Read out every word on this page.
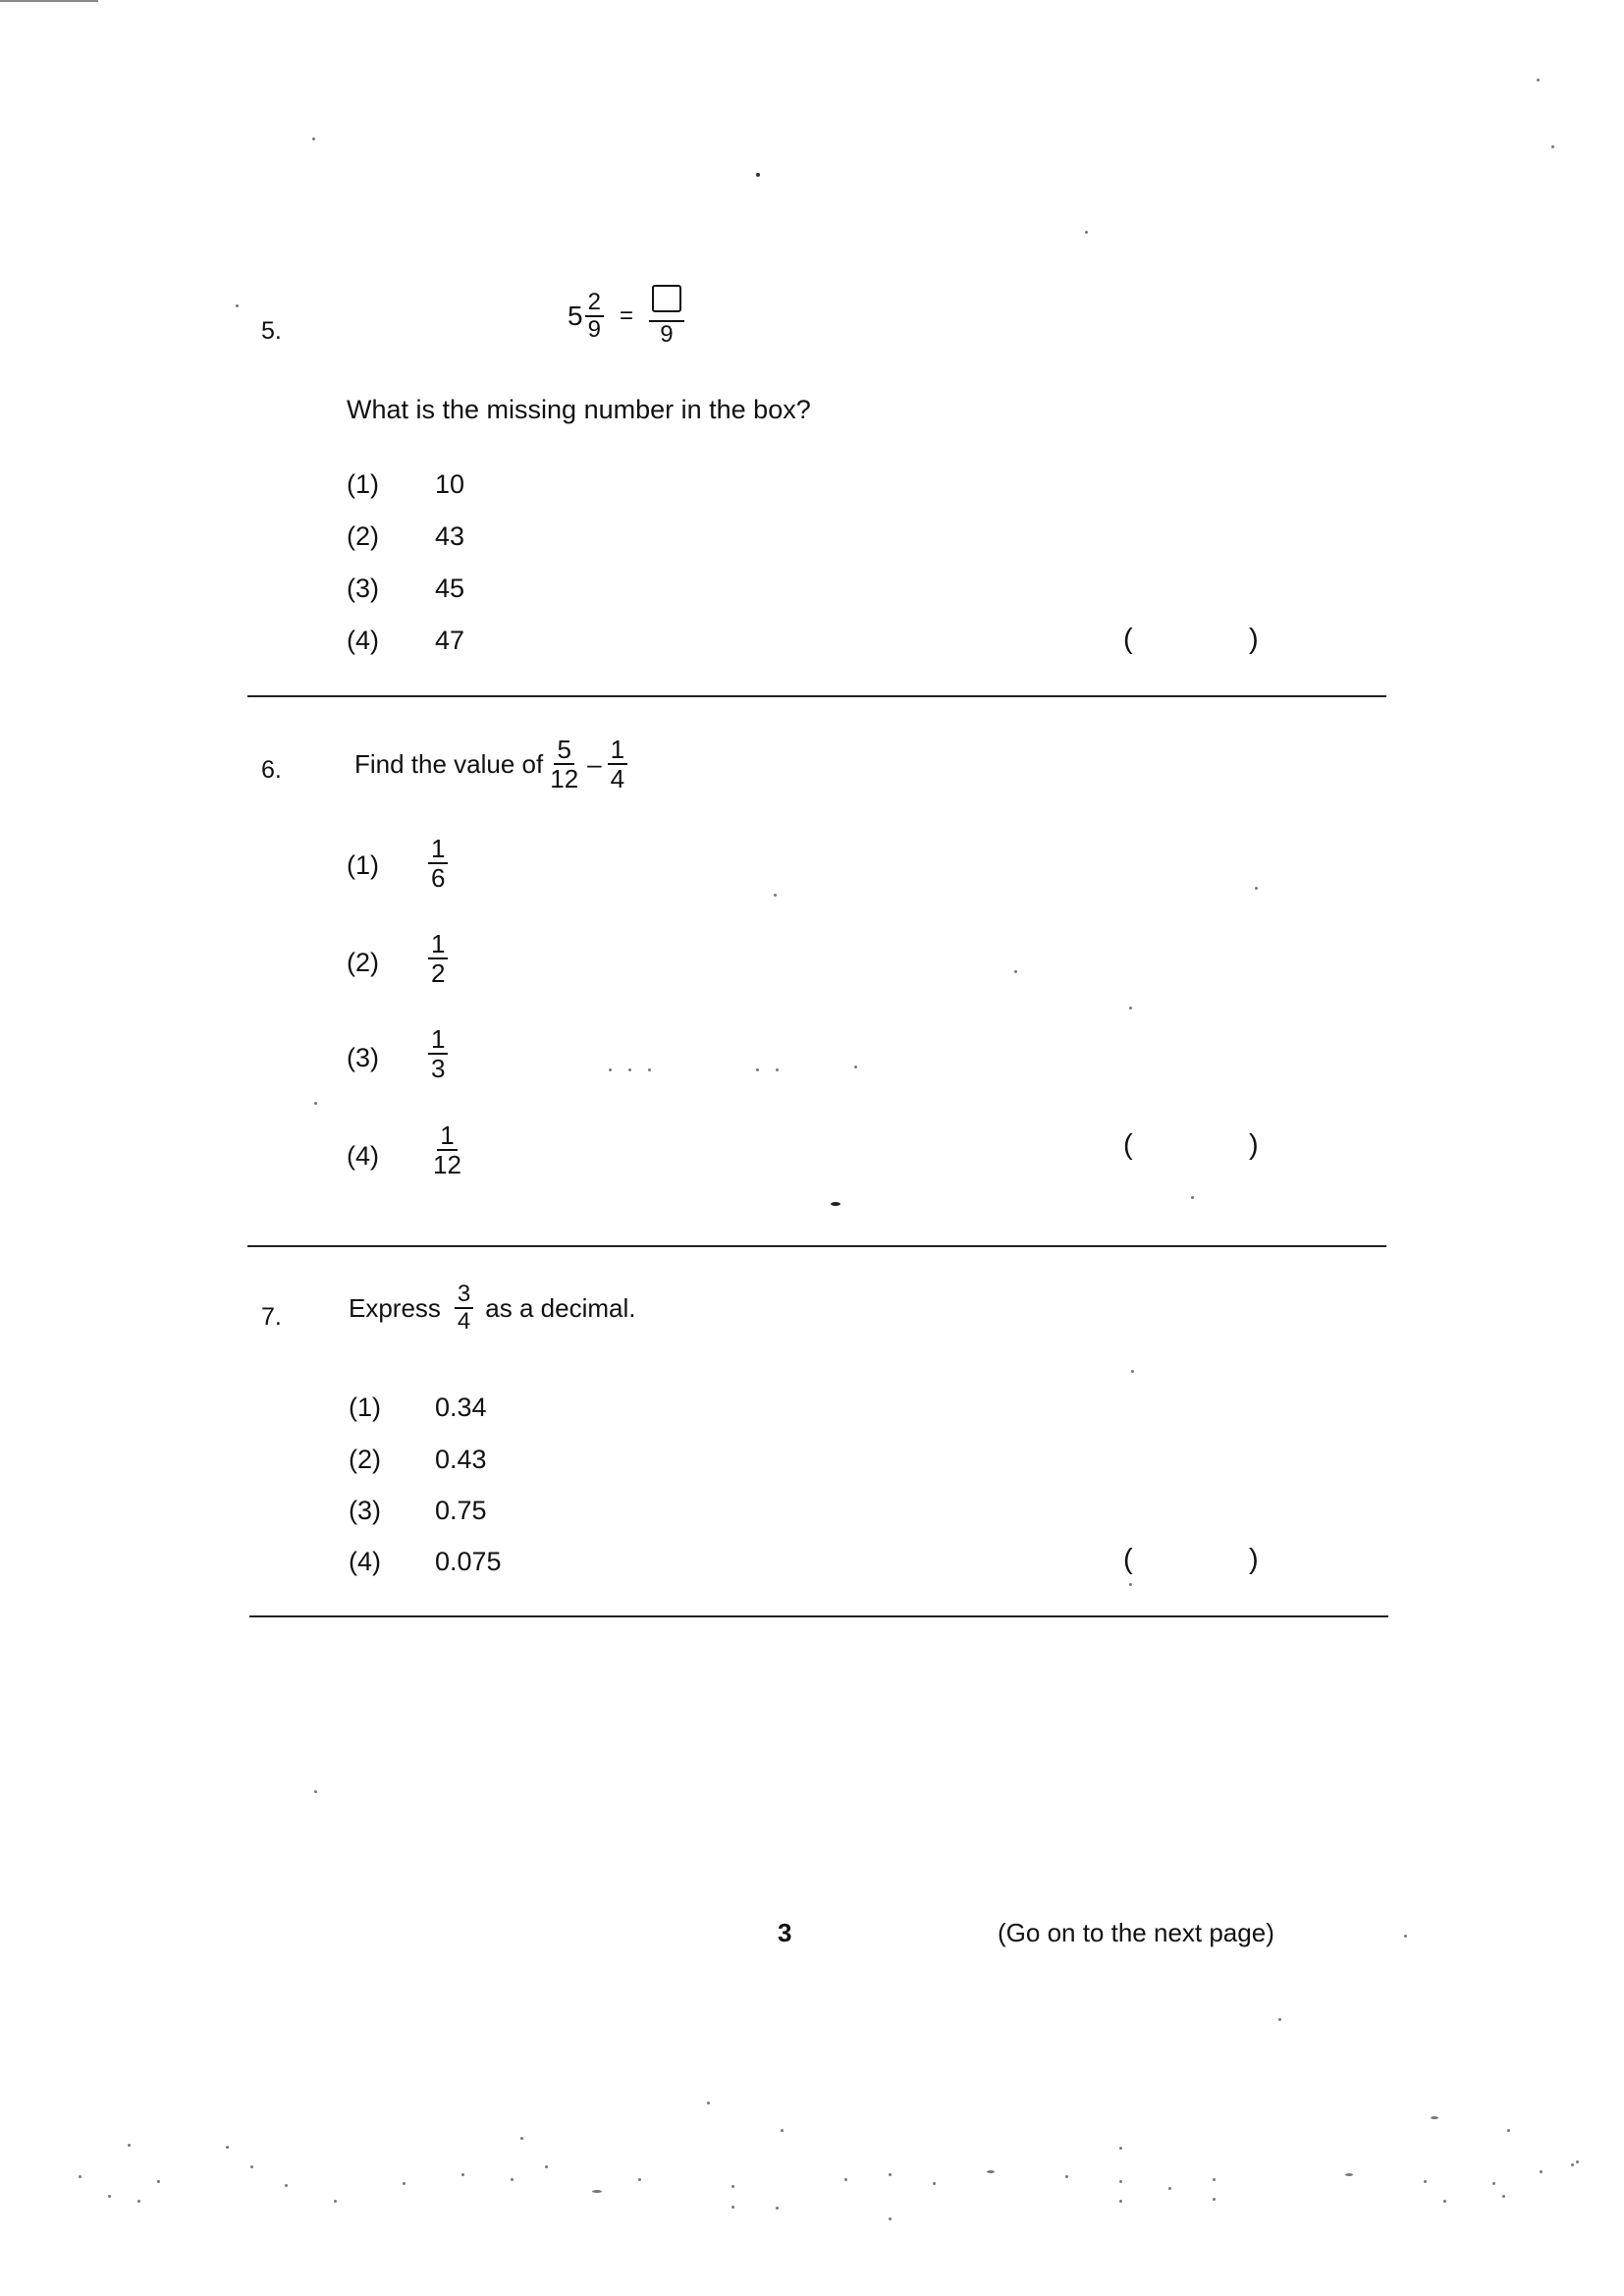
5.
$5 \frac{2}{9}$ =
9
What is the missing number in the box?
(1) 10
(2) 43
(3) 45
(4) 47	(	)
6.	Find the value of $\frac{5}{12} - \frac{1}{4}$
$(1) \frac{1}{6}$
$(2) \frac{1}{2}$
$(3) \frac{1}{3}$
$(4) \frac{1}{12}$	(	)
7.	Express $\frac{3}{4}$ as a decimal.
(1) 0.34
(2) 0.43
(3) 0.75
(4) 0.075	(	)
3	(Go on to the next page)
